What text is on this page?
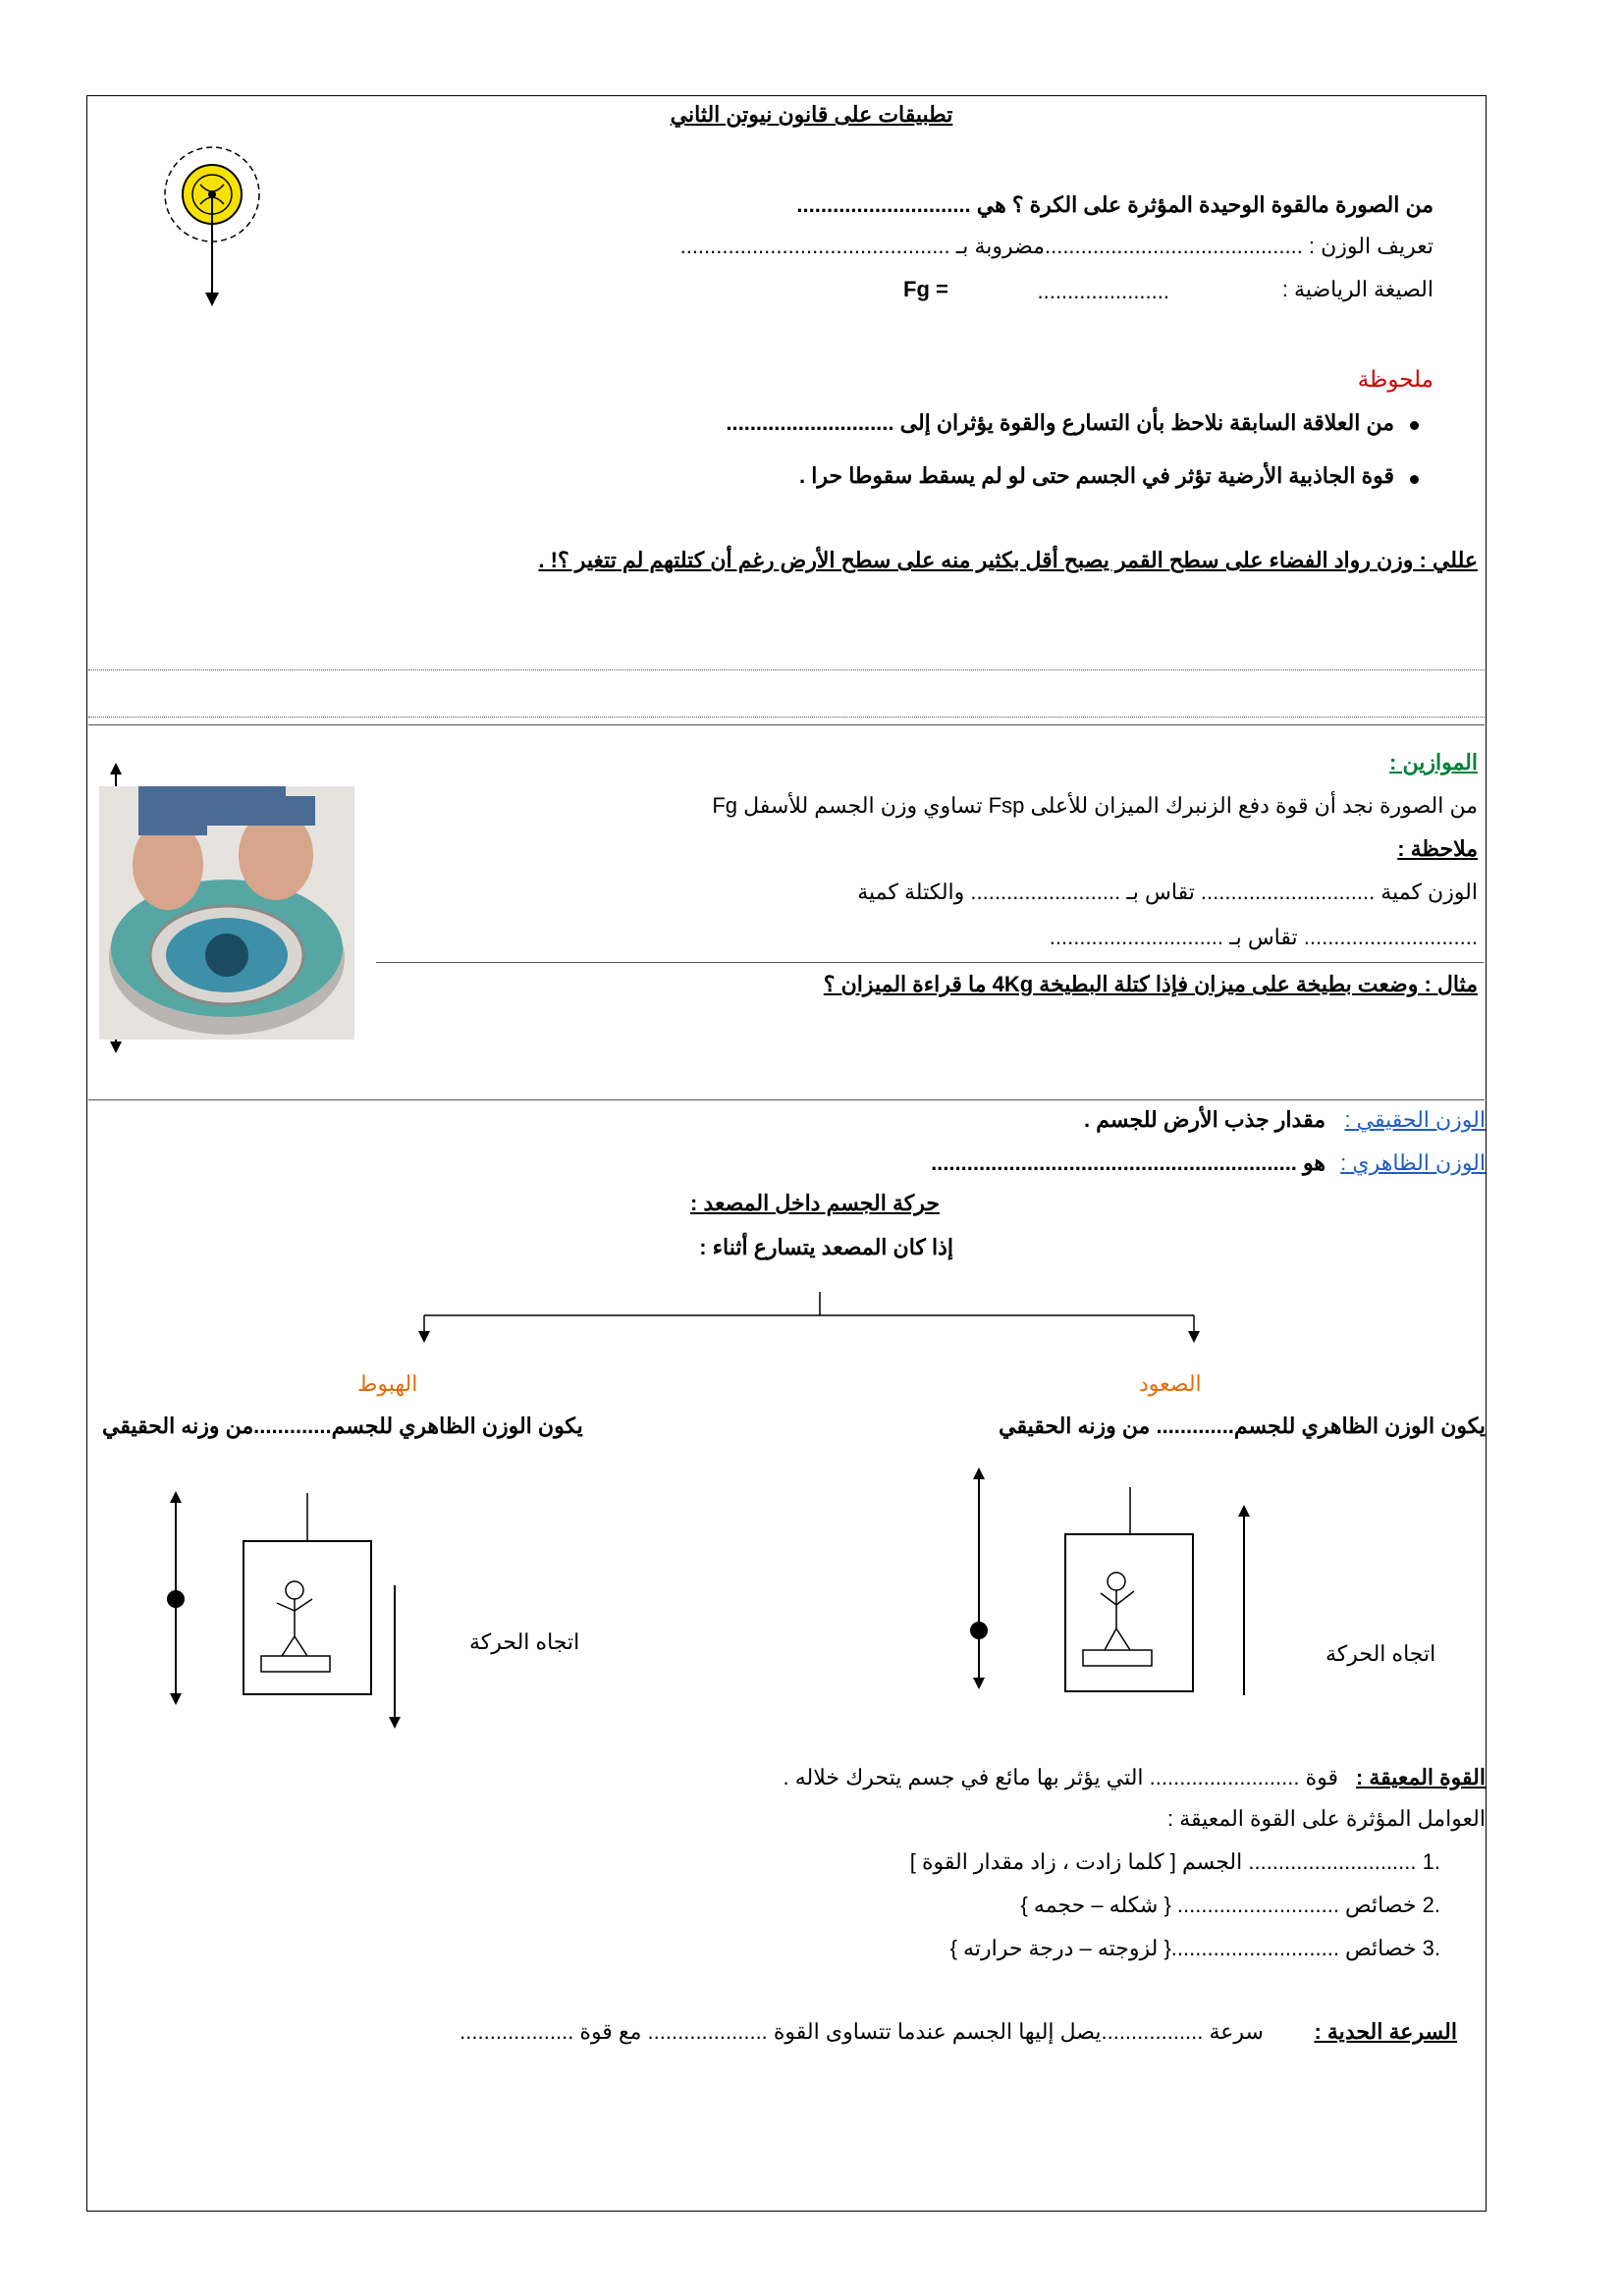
تطبيقات على قانون نيوتن الثاني
من الصورة مالقوة الوحيدة المؤثرة على الكرة ؟ هي .............................
تعريف الوزن : ...........................................مضروبة بـ .............................................
الصيغة الرياضية :
......................
Fg =
ملحوظة
من العلاقة السابقة نلاحظ بأن التسارع والقوة يؤثران إلى ............................
قوة الجاذبية الأرضية تؤثر في الجسم حتى لو لم يسقط سقوطا حرا .
عللي : وزن رواد الفضاء على سطح القمر يصبح أقل بكثير منه على سطح الأرض رغم أن كتلتهم لم تتغير ؟! .
الموازين :
من الصورة نجد أن قوة دفع الزنبرك الميزان للأعلى Fsp تساوي وزن الجسم للأسفل Fg
ملاحظة :
الوزن كمية ............................. تقاس بـ ......................... والكتلة كمية
............................. تقاس بـ .............................
مثال : وضعت بطيخة على ميزان فإذا كتلة البطيخة 4Kg ما قراءة الميزان ؟
الوزن الحقيقي :
مقدار جذب الأرض للجسم .
الوزن الظاهري :
هو .............................................................
حركة الجسم داخل المصعد :
إذا كان المصعد يتسارع أثناء :
الهبوط	الصعود
يكون الوزن الظاهري للجسم.............من وزنه الحقيقي	يكون الوزن الظاهري للجسم............. من وزنه الحقيقي
اتجاه الحركة	اتجاه الحركة
القوة المعيقة :
قوة ......................... التي يؤثر بها مائع في جسم يتحرك خلاله .
العوامل المؤثرة على القوة المعيقة :
.1 ............................ الجسم [ كلما زادت ، زاد مقدار القوة ]
.2 خصائص ........................... { شكله – حجمه }
.3 خصائص ............................{ لزوجته – درجة حرارته }
السرعة الحدية :
سرعة .................يصل إليها الجسم عندما تتساوى القوة .................... مع قوة ...................
